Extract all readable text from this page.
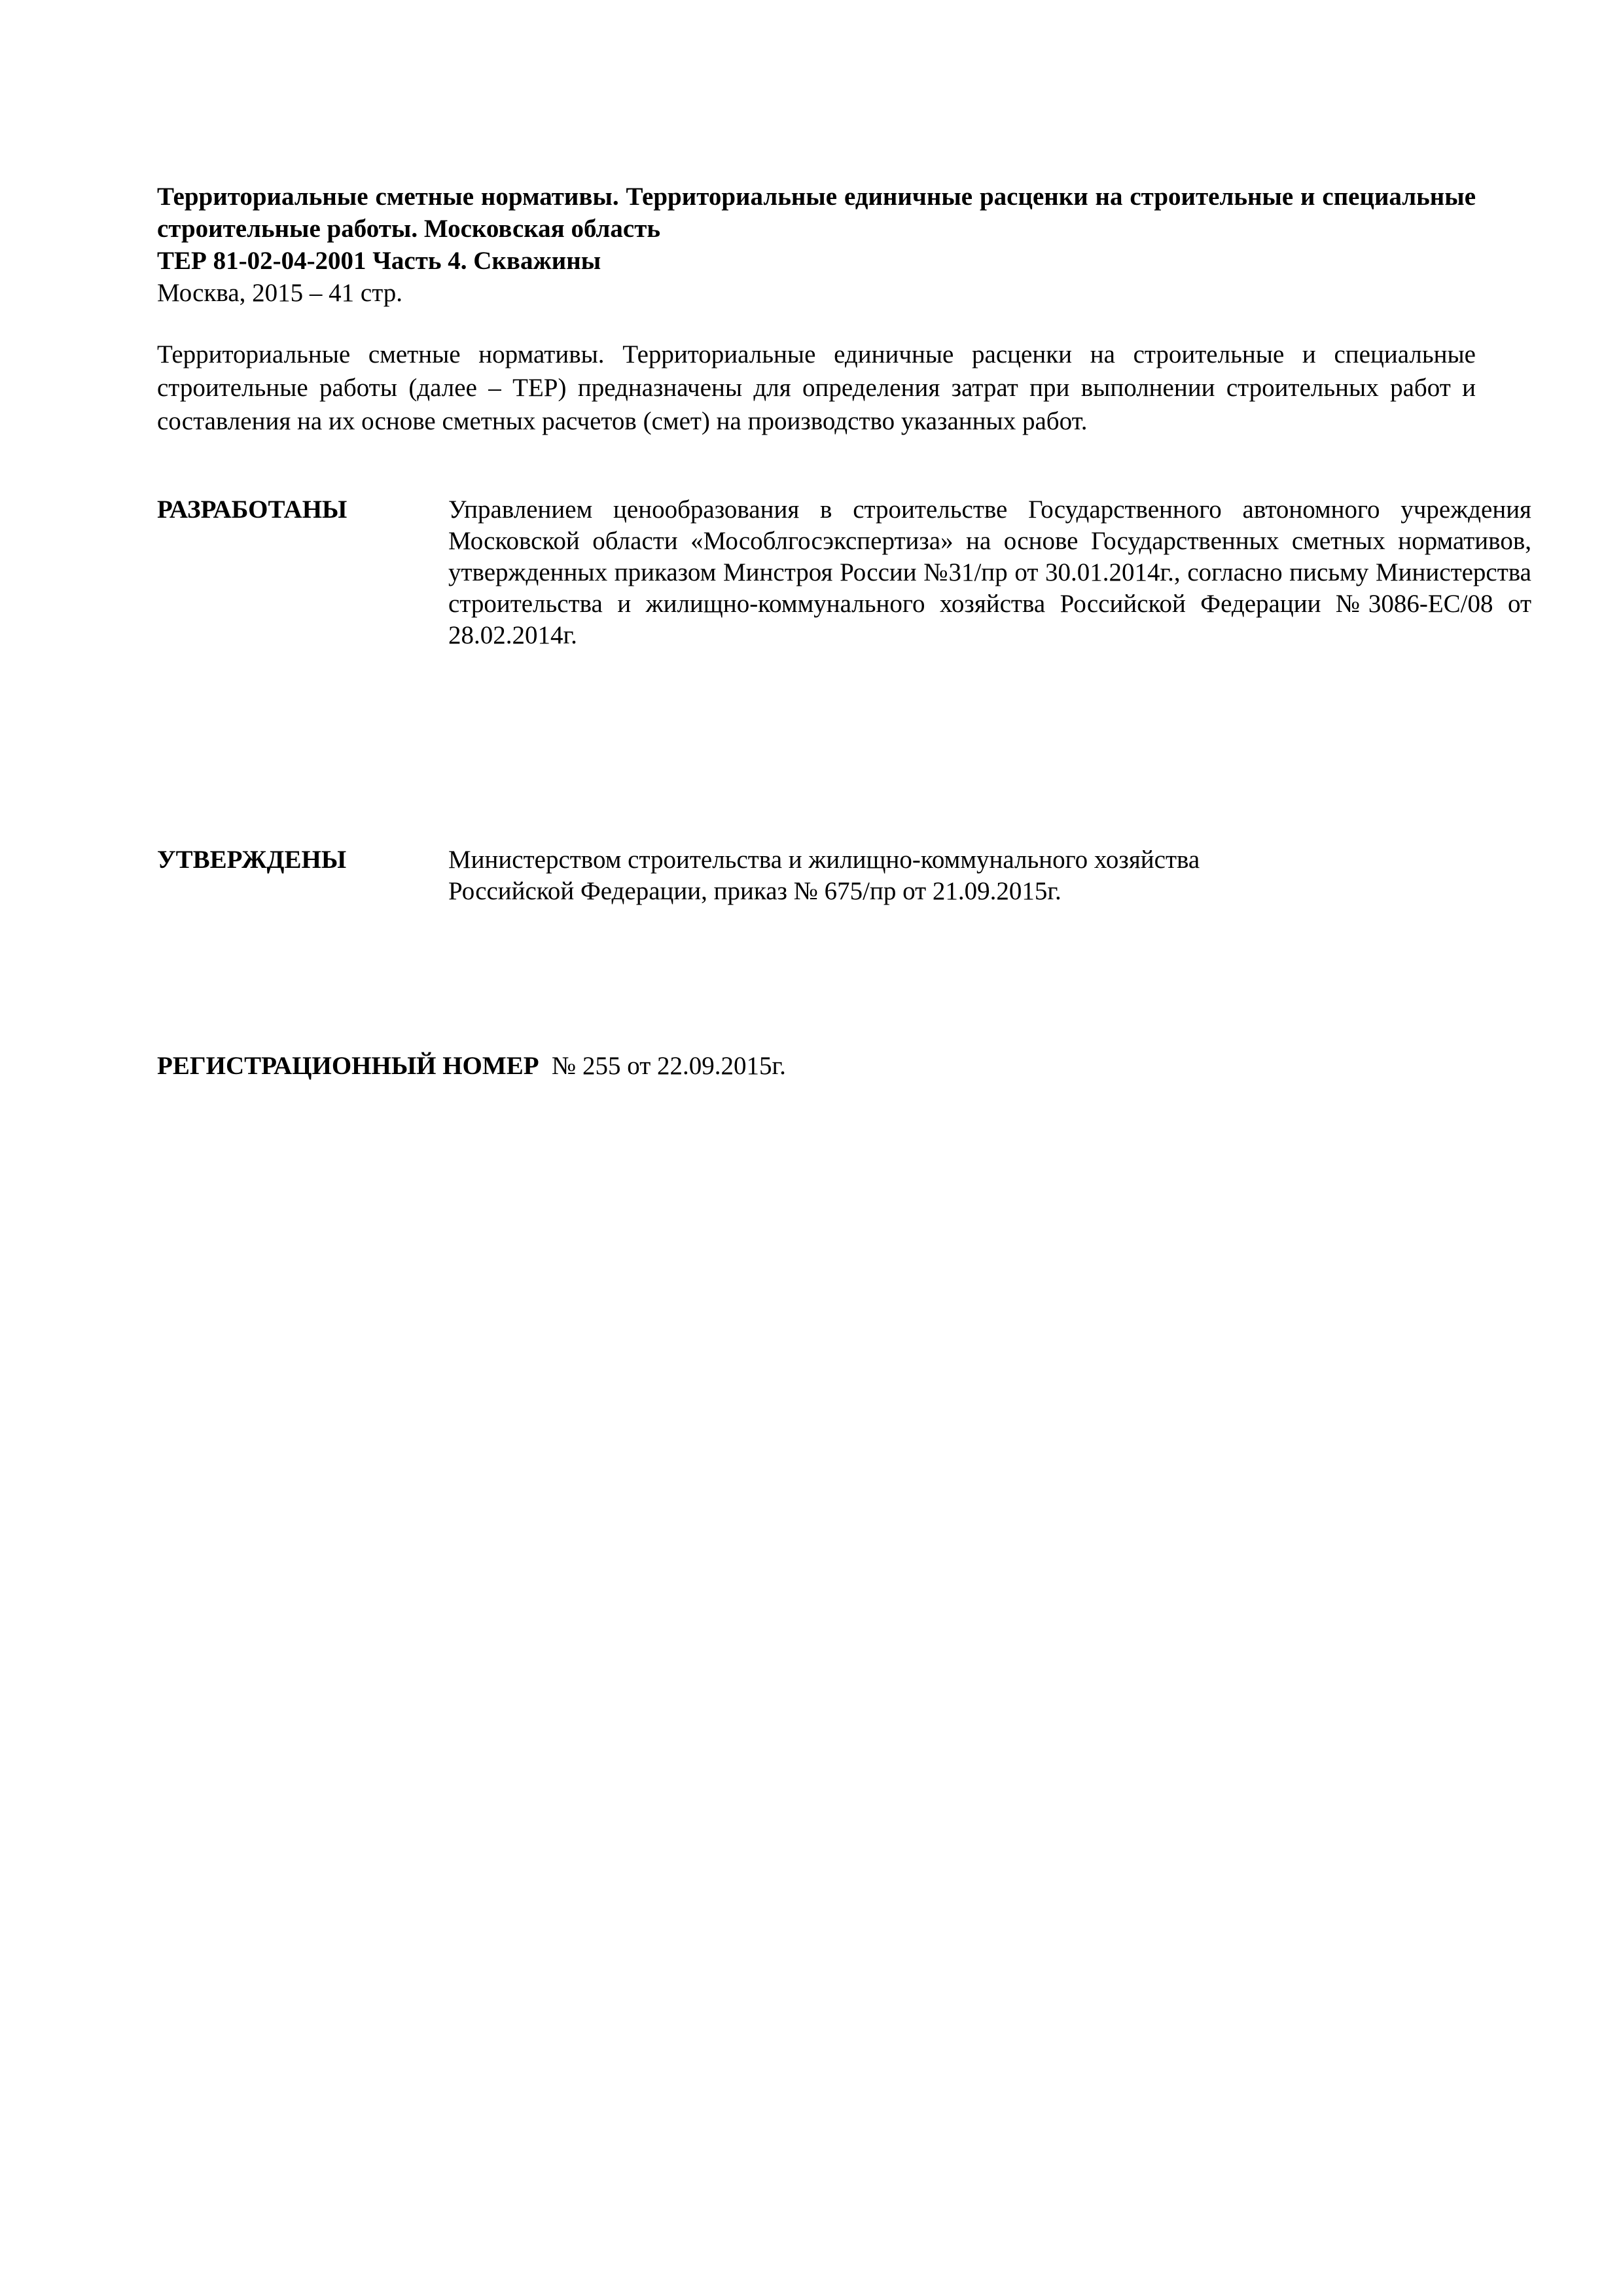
Территориальные сметные нормативы. Территориальные единичные расценки на строительные и специальные строительные работы. Московская область
ТЕР 81-02-04-2001 Часть 4. Скважины
Москва, 2015 – 41 стр.
Территориальные сметные нормативы. Территориальные единичные расценки на строительные и специальные строительные работы (далее – ТЕР) предназначены для определения затрат при выполнении строительных работ и составления на их основе сметных расчетов (смет) на производство указанных работ.
РАЗРАБОТАНЫ	Управлением ценообразования в строительстве Государственного автономного учреждения Московской области «Мособлгосэкспертиза» на основе Государственных сметных нормативов, утвержденных приказом Минстроя России №31/пр от 30.01.2014г., согласно письму Министерства строительства и жилищно-коммунального хозяйства Российской Федерации №3086-ЕС/08 от 28.02.2014г.
УТВЕРЖДЕНЫ	Министерством строительства и жилищно-коммунального хозяйства
Российской Федерации, приказ № 675/пр от 21.09.2015г.
РЕГИСТРАЦИОННЫЙ НОМЕР № 255 от 22.09.2015г.
